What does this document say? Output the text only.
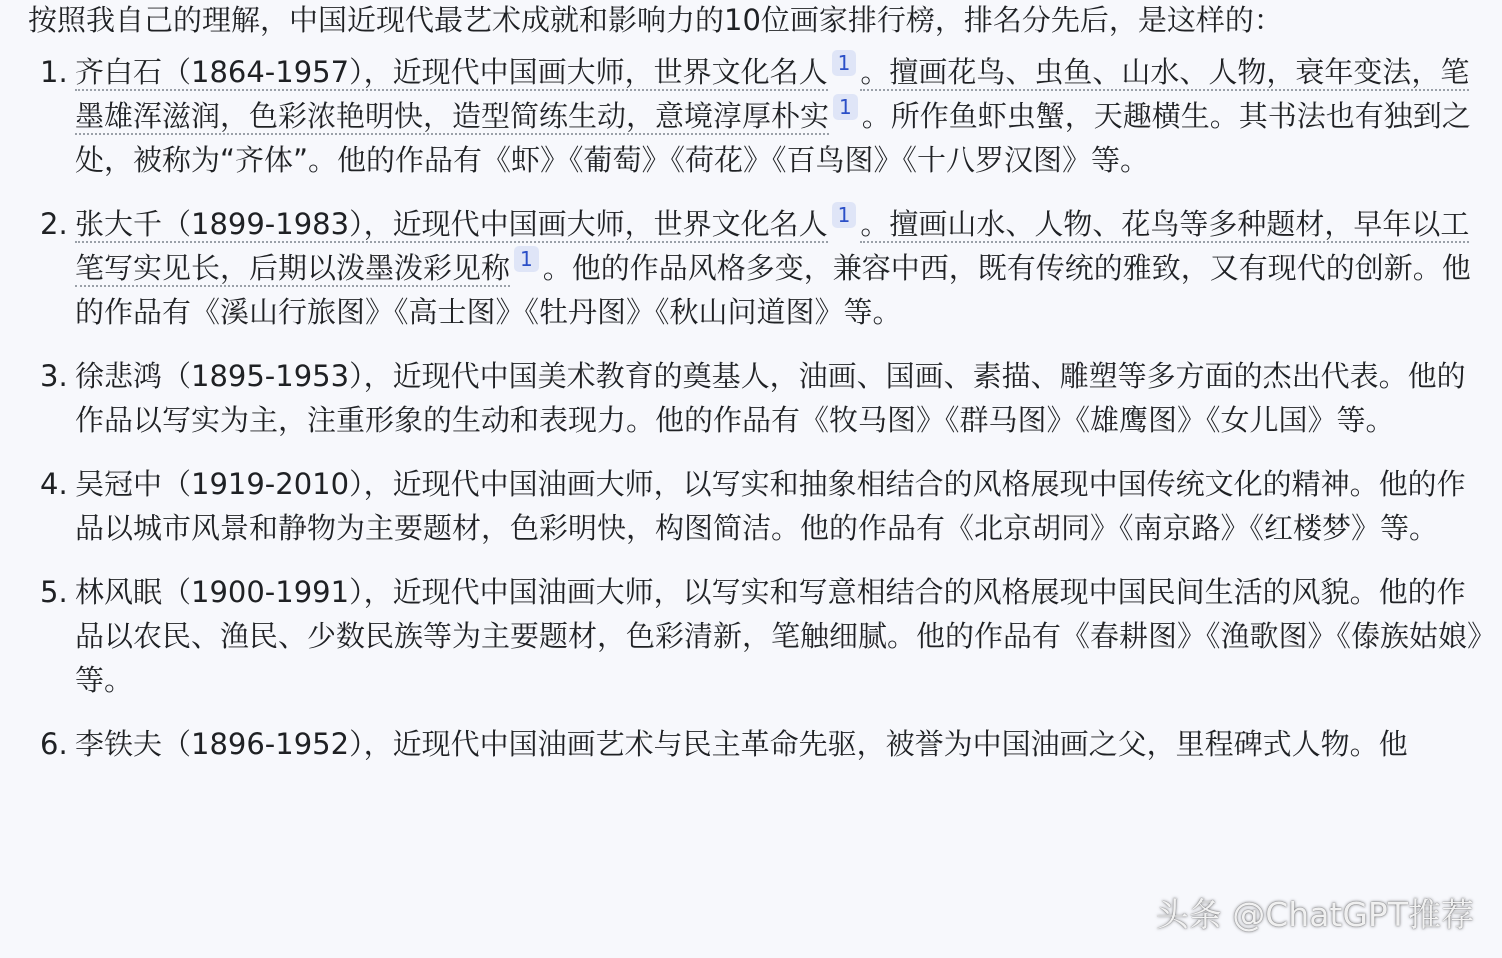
按照我自己的理解，中国近现代最艺术成就和影响力的10位画家排行榜，排名分先后，是这样的：

1. 齐白石（1864-1957），近现代中国画大师，世界文化名人 1 。擅画花鸟、虫鱼、山水、人物，衰年变法，笔墨雄浑滋润，色彩浓艳明快，造型简练生动，意境淳厚朴实 1 。所作鱼虾虫蟹，天趣横生。其书法也有独到之处，被称为“齐体”。他的作品有《虾》《葡萄》《荷花》《百鸟图》《十八罗汉图》等。
2. 张大千（1899-1983），近现代中国画大师，世界文化名人 1 。擅画山水、人物、花鸟等多种题材，早年以工笔写实见长，后期以泼墨泼彩见称 1 。他的作品风格多变，兼容中西，既有传统的雅致，又有现代的创新。他的作品有《溪山行旅图》《高士图》《牡丹图》《秋山问道图》等。
3. 徐悲鸿（1895-1953），近现代中国美术教育的奠基人，油画、国画、素描、雕塑等多方面的杰出代表。他的作品以写实为主，注重形象的生动和表现力。他的作品有《牧马图》《群马图》《雄鹰图》《女儿国》等。
4. 吴冠中（1919-2010），近现代中国油画大师，以写实和抽象相结合的风格展现中国传统文化的精神。他的作品以城市风景和静物为主要题材，色彩明快，构图简洁。他的作品有《北京胡同》《南京路》《红楼梦》等。
5. 林风眠（1900-1991），近现代中国油画大师，以写实和写意相结合的风格展现中国民间生活的风貌。他的作品以农民、渔民、少数民族等为主要题材，色彩清新，笔触细腻。他的作品有《春耕图》《渔歌图》《傣族姑娘》等。
6. 李铁夫（1896-1952），近现代中国油画艺术与民主革命先驱，被誉为中国油画之父，里程碑式人物。他
头条 @ChatGPT推荐
